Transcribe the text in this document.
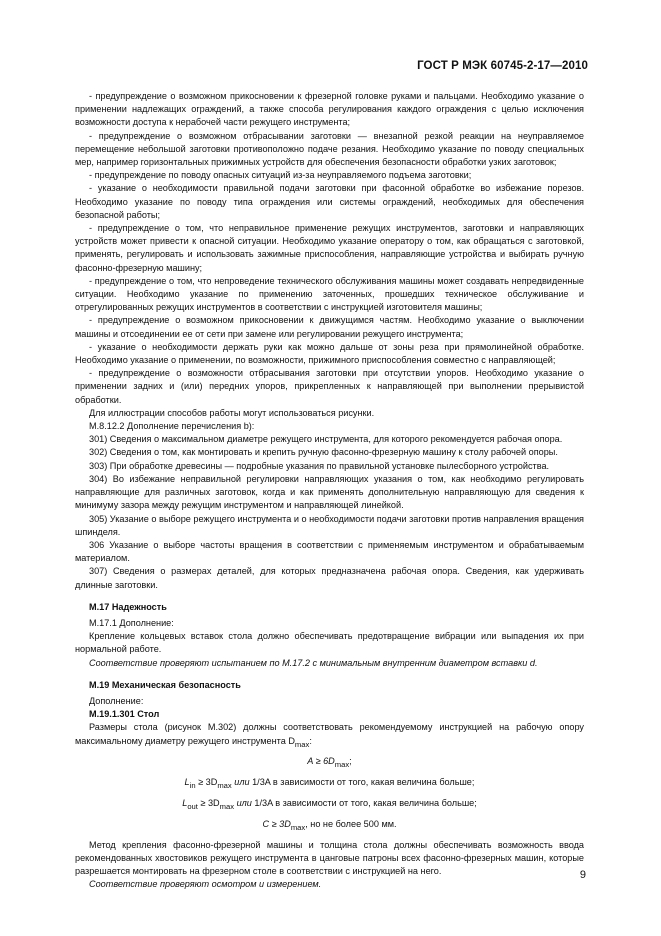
ГОСТ Р МЭК 60745-2-17—2010

- предупреждение о возможном прикосновении к фрезерной головке руками и пальцами. Необходимо указание о применении надлежащих ограждений, а также способа регулирования каждого ограждения с целью исключения возможности доступа к нерабочей части режущего инструмента;

- предупреждение о возможном отбрасывании заготовки — внезапной резкой реакции на неуправляемое перемещение небольшой заготовки противоположно подаче резания. Необходимо указание по поводу специальных мер, например горизонтальных прижимных устройств для обеспечения безопасности обработки узких заготовок;

- предупреждение по поводу опасных ситуаций из-за неуправляемого подъема заготовки;

- указание о необходимости правильной подачи заготовки при фасонной обработке во избежание порезов. Необходимо указание по поводу типа ограждения или системы ограждений, необходимых для обеспечения безопасной работы;

- предупреждение о том, что неправильное применение режущих инструментов, заготовки и направляющих устройств может привести к опасной ситуации. Необходимо указание оператору о том, как обращаться с заготовкой, применять, регулировать и использовать зажимные приспособления, направляющие устройства и выбирать ручную фасонно-фрезерную машину;

- предупреждение о том, что непроведение технического обслуживания машины может создавать непредвиденные ситуации. Необходимо указание по применению заточенных, прошедших техническое обслуживание и отрегулированных режущих инструментов в соответствии с инструкцией изготовителя машины;

- предупреждение о возможном прикосновении к движущимся частям. Необходимо указание о выключении машины и отсоединении ее от сети при замене или регулировании режущего инструмента;

- указание о необходимости держать руки как можно дальше от зоны реза при прямолинейной обработке. Необходимо указание о применении, по возможности, прижимного приспособления совместно с направляющей;

- предупреждение о возможности отбрасывания заготовки при отсутствии упоров. Необходимо указание о применении задних и (или) передних упоров, прикрепленных к направляющей при выполнении прерывистой обработки.

Для иллюстрации способов работы могут использоваться рисунки.

М.8.12.2 Дополнение перечисления b):

301) Сведения о максимальном диаметре режущего инструмента, для которого рекомендуется рабочая опора.

302) Сведения о том, как монтировать и крепить ручную фасонно-фрезерную машину к столу рабочей опоры.

303) При обработке древесины — подробные указания по правильной установке пылесборного устройства.

304) Во избежание неправильной регулировки направляющих указания о том, как необходимо регулировать направляющие для различных заготовок, когда и как применять дополнительную направляющую для сведения к минимуму зазора между режущим инструментом и направляющей линейкой.

305) Указание о выборе режущего инструмента и о необходимости подачи заготовки против направления вращения шпинделя.

306 Указание о выборе частоты вращения в соответствии с применяемым инструментом и обрабатываемым материалом.

307) Сведения о размерах деталей, для которых предназначена рабочая опора. Сведения, как удерживать длинные заготовки.

М.17 Надежность

М.17.1 Дополнение:

Крепление кольцевых вставок стола должно обеспечивать предотвращение вибрации или выпадения их при нормальной работе.

Соответствие проверяют испытанием по М.17.2 с минимальным внутренним диаметром вставки d.

М.19 Механическая безопасность

Дополнение:

М.19.1.301 Стол

Размеры стола (рисунок М.302) должны соответствовать рекомендуемому инструкцией на рабочую опору максимальному диаметру режущего инструмента $D_{max}$:

$A \ge 6D_{max}$;

$L_{in} \ge 3D_{max}$ или 1/3A в зависимости от того, какая величина больше;

$L_{out} \ge 3D_{max}$ или 1/3A в зависимости от того, какая величина больше;

$C \ge 3D_{max}$, но не более 500 мм.

Метод крепления фасонно-фрезерной машины и толщина стола должны обеспечивать возможность ввода рекомендованных хвостовиков режущего инструмента в цанговые патроны всех фасонно-фрезерных машин, которые разрешается монтировать на фрезерном столе в соответствии с инструкцией на него.

Соответствие проверяют осмотром и измерением.

9
